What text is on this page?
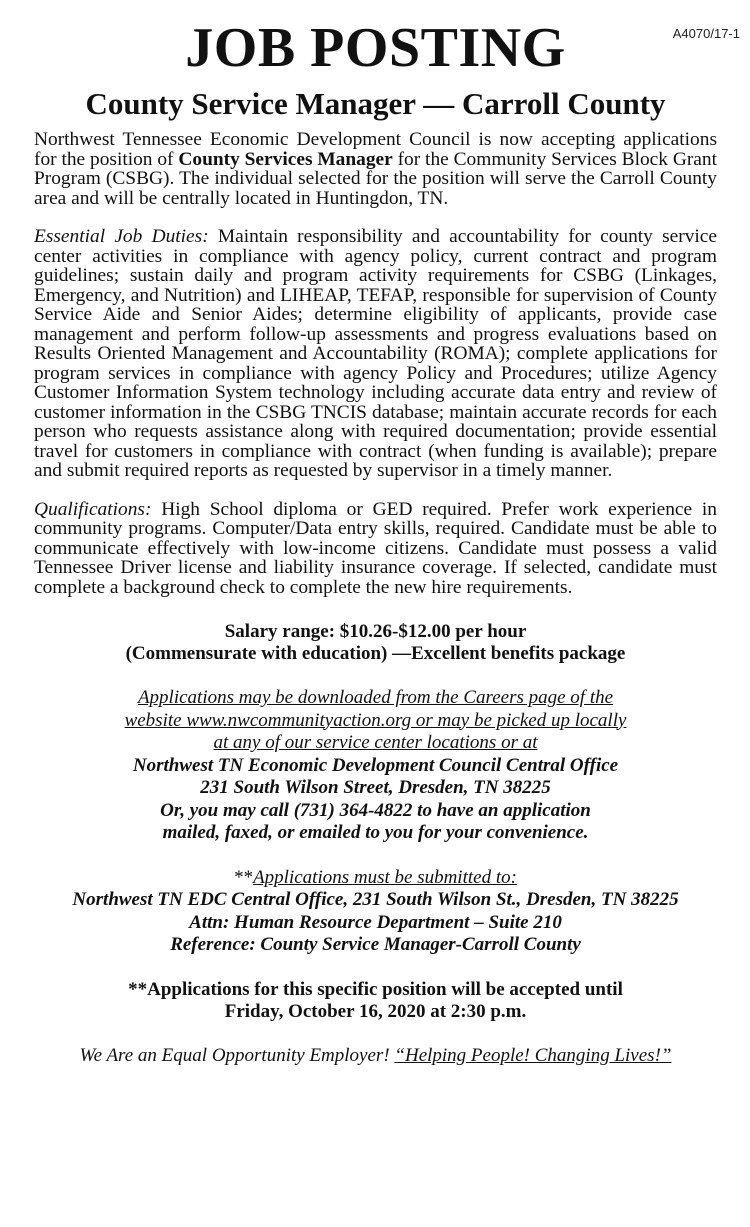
A4070/17-1
JOB POSTING
County Service Manager — Carroll County

Northwest Tennessee Economic Development Council is now accepting applications for the position of County Services Manager for the Community Services Block Grant Program (CSBG). The individual selected for the position will serve the Carroll County area and will be centrally located in Huntingdon, TN.

Essential Job Duties: Maintain responsibility and accountability for county service center activities in compliance with agency policy, current contract and program guidelines; sustain daily and program activity requirements for CSBG (Linkages, Emergency, and Nutrition) and LIHEAP, TEFAP, responsible for supervision of County Service Aide and Senior Aides; determine eligibility of applicants, provide case management and perform follow-up assessments and progress evaluations based on Results Oriented Management and Accountability (ROMA); complete applications for program services in compliance with agency Policy and Procedures; utilize Agency Customer Information System technology including accurate data entry and review of customer information in the CSBG TNCIS database; maintain accurate records for each person who requests assistance along with required documentation; provide essential travel for customers in compliance with contract (when funding is available); prepare and submit required reports as requested by supervisor in a timely manner.

Qualifications: High School diploma or GED required. Prefer work experience in community programs. Computer/Data entry skills, required. Candidate must be able to communicate effectively with low-income citizens. Candidate must possess a valid Tennessee Driver license and liability insurance coverage. If selected, candidate must complete a background check to complete the new hire requirements.

Salary range: $10.26-$12.00 per hour
(Commensurate with education) —Excellent benefits package
Applications may be downloaded from the Careers page of the
website www.nwcommunityaction.org or may be picked up locally
at any of our service center locations or at
Northwest TN Economic Development Council Central Office
231 South Wilson Street, Dresden, TN 38225
Or, you may call (731) 364-4822 to have an application
mailed, faxed, or emailed to you for your convenience.
**Applications must be submitted to:
Northwest TN EDC Central Office, 231 South Wilson St., Dresden, TN 38225
Attn: Human Resource Department – Suite 210
Reference: County Service Manager-Carroll County
**Applications for this specific position will be accepted until
Friday, October 16, 2020 at 2:30 p.m.
We Are an Equal Opportunity Employer! “Helping People! Changing Lives!”
